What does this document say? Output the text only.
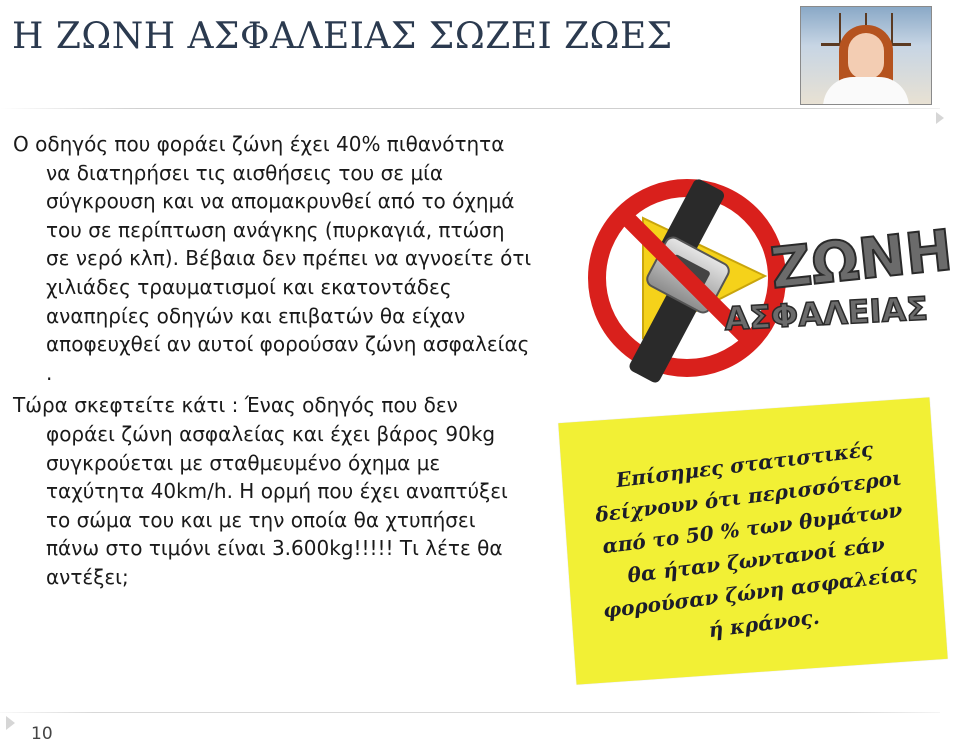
Η ΖΩΝΗ ΑΣΦΑΛΕΙΑΣ ΣΩΖΕΙ ΖΩΕΣ

Ο οδηγός που φοράει ζώνη έχει 40% πιθανότητα να διατηρήσει τις αισθήσεις του σε μία σύγκρουση και να απομακρυνθεί από το όχημά του σε περίπτωση ανάγκης (πυρκαγιά, πτώση σε νερό κλπ). Βέβαια δεν πρέπει να αγνοείτε ότι χιλιάδες τραυματισμοί και εκατοντάδες αναπηρίες οδηγών και επιβατών θα είχαν αποφευχθεί αν αυτοί φορούσαν ζώνη ασφαλείας .

Τώρα σκεφτείτε κάτι : Ένας οδηγός που δεν φοράει ζώνη ασφαλείας και έχει βάρος 90kg συγκρούεται με σταθμευμένο όχημα με ταχύτητα 40km/h. Η ορμή που έχει αναπτύξει το σώμα του και με την οποία θα χτυπήσει πάνω στο τιμόνι είναι 3.600kg!!!!! Τι λέτε θα αντέξει;

ΖΩΝΗ
ΑΣΦΑΛΕΙΑΣ
Επίσημες στατιστικές δείχνουν ότι περισσότεροι από το 50 % των θυμάτων θα ήταν ζωντανοί εάν φορούσαν ζώνη ασφαλείας ή κράνος.
10
